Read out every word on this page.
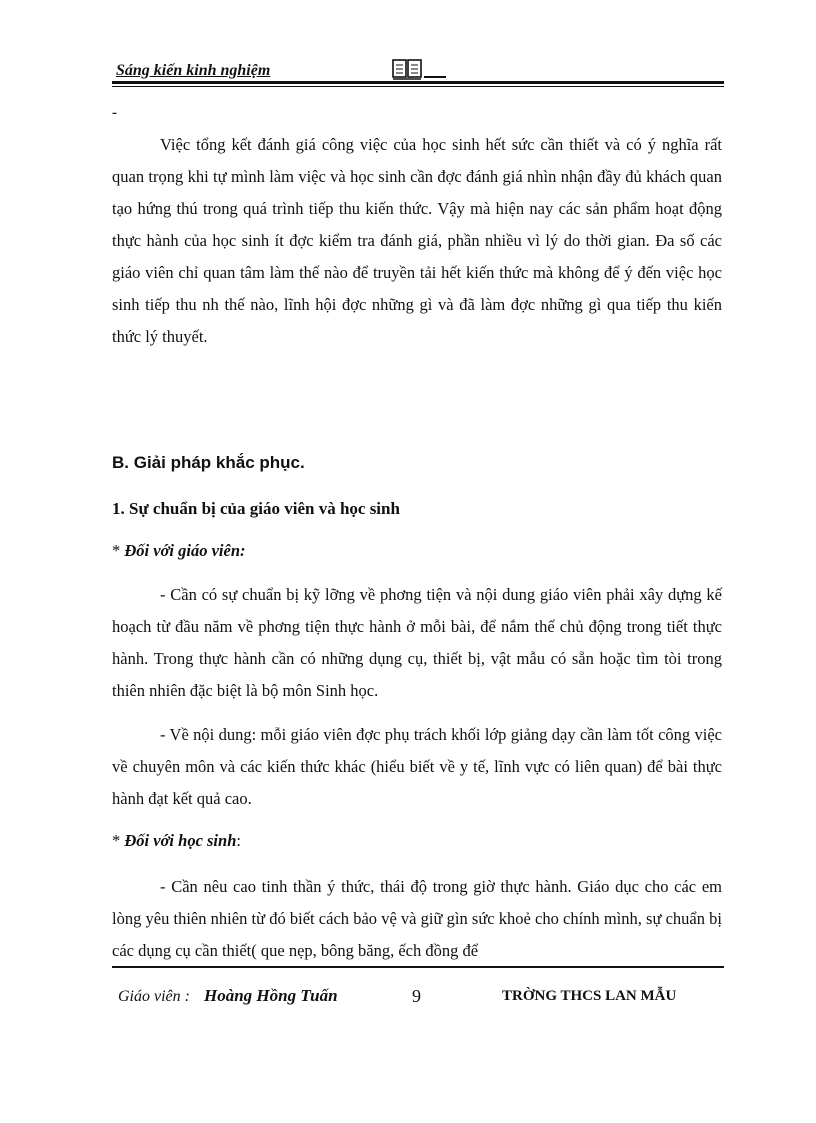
Sáng kiến kinh nghiệm
-

Việc tổng kết đánh giá công việc của học sinh hết sức cần thiết và có ý nghĩa rất quan trọng khi tự mình làm việc và học sinh cần đợc đánh giá nhìn nhận đầy đủ khách quan tạo hứng thú trong quá trình tiếp thu kiến thức. Vậy mà hiện nay các sản phẩm hoạt động thực hành của học sinh ít đợc kiểm tra đánh giá, phần nhiều vì lý do thời gian. Đa số các giáo viên chỉ quan tâm làm thế nào để truyền tải hết kiến thức mà không để ý đến việc học sinh tiếp thu nh thế nào, lĩnh hội đợc những gì và đã làm đợc những gì qua tiếp thu kiến thức lý thuyết.

B. Giải pháp khắc phục.
1. Sự chuẩn bị của giáo viên và học sinh
* Đối với giáo viên:

- Cần có sự chuẩn bị kỹ lỡng về phơng tiện và nội dung giáo viên phải xây dựng kế hoạch từ đầu năm về phơng tiện thực hành ở mỗi bài, để nắm thế chủ động trong tiết thực hành. Trong thực hành cần có những dụng cụ, thiết bị, vật mẫu có sẵn hoặc tìm tòi trong thiên nhiên đặc biệt là bộ môn Sinh học.

- Về nội dung: mỗi giáo viên đợc phụ trách khối lớp giảng dạy cần làm tốt công việc về chuyên môn và các kiến thức khác (hiểu biết về y tế, lĩnh vực có liên quan) để bài thực hành đạt kết quả cao.

* Đối với học sinh:

- Cần nêu cao tinh thần ý thức, thái độ trong giờ thực hành. Giáo dục cho các em lòng yêu thiên nhiên từ đó biết cách bảo vệ và giữ gìn sức khoẻ cho chính mình, sự chuẩn bị các dụng cụ cần thiết( que nẹp, bông băng, ếch đồng để

Giáo viên : Hoàng Hồng Tuấn	9	TRỜNG THCS LAN MẪU
